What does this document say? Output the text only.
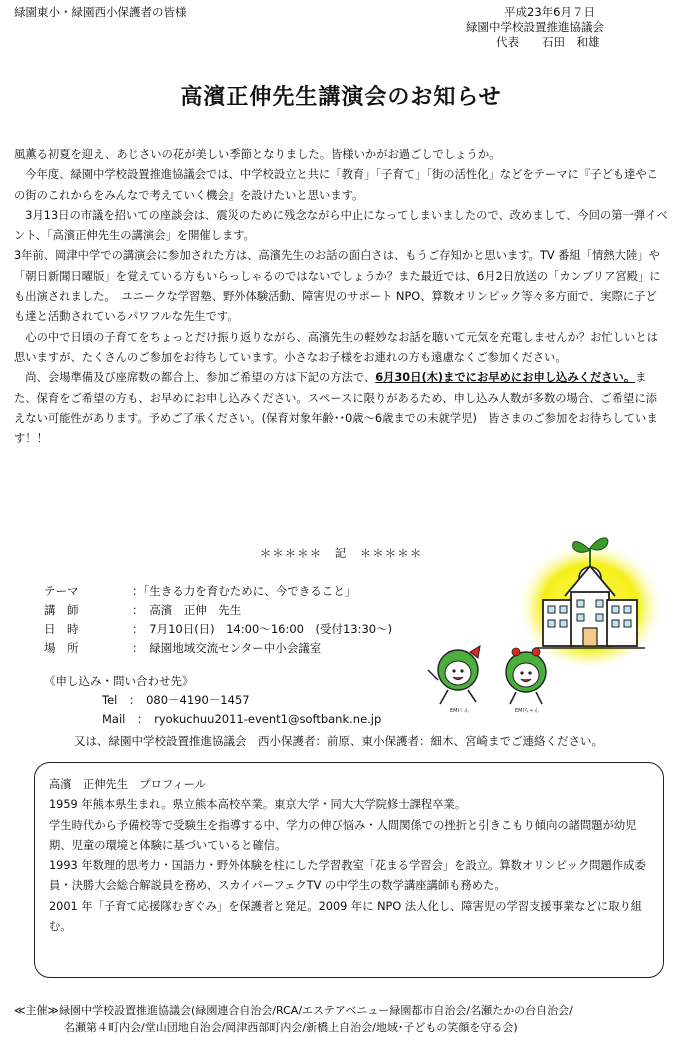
緑園東小・緑園西小保護者の皆様	平成23年6月７日
緑園中学校設置推進協議会
代表　　石田　和雄
高濱正伸先生講演会のお知らせ

風薫る初夏を迎え、あじさいの花が美しい季節となりました。皆様いかがお過ごしでしょうか。

　今年度、緑園中学校設置推進協議会では、中学校設立と共に「教育」「子育て」「街の活性化」などをテーマに『子ども達やこの街のこれからをみんなで考えていく機会』を設けたいと思います。

　3月13日の市議を招いての座談会は、震災のために残念ながら中止になってしまいましたので、改めまして、今回の第一弾イベント、「高濱正伸先生の講演会」を開催します。

3年前、岡津中学での講演会に参加された方は、高濱先生のお話の面白さは、もうご存知かと思います。TV 番組「情熱大陸」や「朝日新聞日曜版」を覚えている方もいらっしゃるのではないでしょうか？また最近では、6月2日放送の「カンブリア宮殿」にも出演されました。　ユニークな学習塾、野外体験活動、障害児のサポート NPO、算数オリンピック等々多方面で、実際に子ども達と活動されているパワフルな先生です。

　心の中で日頃の子育てをちょっとだけ振り返りながら、高濱先生の軽妙なお話を聴いて元気を充電しませんか？お忙しいとは思いますが、たくさんのご参加をお待ちしています。小さなお子様をお連れの方も遠慮なくご参加ください。

　尚、会場準備及び座席数の都合上、参加ご希望の方は下記の方法で、6月30日(木)までにお早めにお申し込みください。また、保育をご希望の方も、お早めにお申し込みください。スペースに限りがあるため、申し込み人数が多数の場合、ご希望に添えない可能性があります。予めご了承ください。(保育対象年齢･･0歳～6歳までの未就学児)　皆さまのご参加をお待ちしています！！

＊＊＊＊＊　記　＊＊＊＊＊
テーマ	：「生きる力を育むために、今できること」
講　師	：　高濱　正伸　先生
日　時	：　7月10日(日)　14:00～16:00　(受付13:30～)
場　所	：　緑園地域交流センター中小会議室
《申し込み・問い合わせ先》
Tel　：　080－4190－1457
Mail　：　ryokuchuu2011-event1@softbank.ne.jp
又は、緑園中学校設置推進協議会　西小保護者：前原、東小保護者：細木、宮崎までご連絡ください。
EMIくん	EMIちゃん

高濱　正伸先生　プロフィール

1959 年熊本県生まれ。県立熊本高校卒業。東京大学・同大大学院修士課程卒業。

学生時代から予備校等で受験生を指導する中、学力の伸び悩み・人間関係での挫折と引きこもり傾向の諸問題が幼児期、児童の環境と体験に基づいていると確信。

1993 年数理的思考力・国語力・野外体験を柱にした学習教室「花まる学習会」を設立。算数オリンピック問題作成委員・決勝大会総合解説員を務め、スカイパーフェクTV の中学生の数学講座講師も務めた。

2001 年「子育て応援隊むぎぐみ」を保護者と発足。2009 年に NPO 法人化し、障害児の学習支援事業などに取り組む。

≪主催≫緑園中学校設置推進協議会(緑園連合自治会/RCA/エステアベニュー緑園都市自治会/名瀬たかの台自治会/
名瀬第４町内会/堂山団地自治会/岡津西部町内会/新橋上自治会/地域･子どもの笑顔を守る会)
